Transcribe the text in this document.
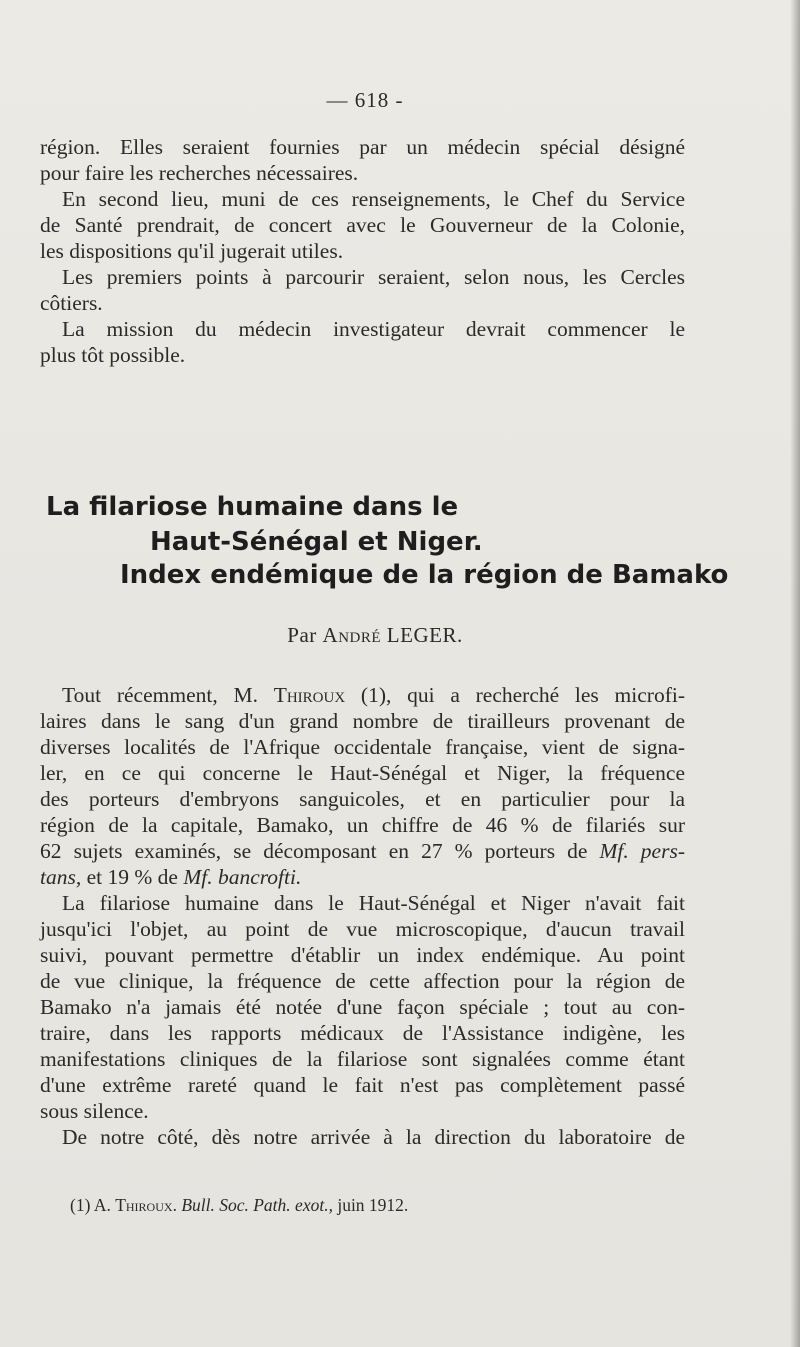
— 618 -
région. Elles seraient fournies par un médecin spécial désigné
pour faire les recherches nécessaires.
En second lieu, muni de ces renseignements, le Chef du Service
de Santé prendrait, de concert avec le Gouverneur de la Colonie,
les dispositions qu'il jugerait utiles.
Les premiers points à parcourir seraient, selon nous, les Cercles
côtiers.
La mission du médecin investigateur devrait commencer le
plus tôt possible.
La filariose humaine dans le
Haut-Sénégal et Niger.
Index endémique de la région de Bamako
Par André LEGER.
Tout récemment, M. Thiroux (1), qui a recherché les microfi-
laires dans le sang d'un grand nombre de tirailleurs provenant de
diverses localités de l'Afrique occidentale française, vient de signa-
ler, en ce qui concerne le Haut-Sénégal et Niger, la fréquence
des porteurs d'embryons sanguicoles, et en particulier pour la
région de la capitale, Bamako, un chiffre de 46 % de filariés sur
62 sujets examinés, se décomposant en 27 % porteurs de Mf. pers-
tans, et 19 % de Mf. bancrofti.
La filariose humaine dans le Haut-Sénégal et Niger n'avait fait
jusqu'ici l'objet, au point de vue microscopique, d'aucun travail
suivi, pouvant permettre d'établir un index endémique. Au point
de vue clinique, la fréquence de cette affection pour la région de
Bamako n'a jamais été notée d'une façon spéciale ; tout au con-
traire, dans les rapports médicaux de l'Assistance indigène, les
manifestations cliniques de la filariose sont signalées comme étant
d'une extrême rareté quand le fait n'est pas complètement passé
sous silence.
De notre côté, dès notre arrivée à la direction du laboratoire de
(1) A. Thiroux. Bull. Soc. Path. exot., juin 1912.
